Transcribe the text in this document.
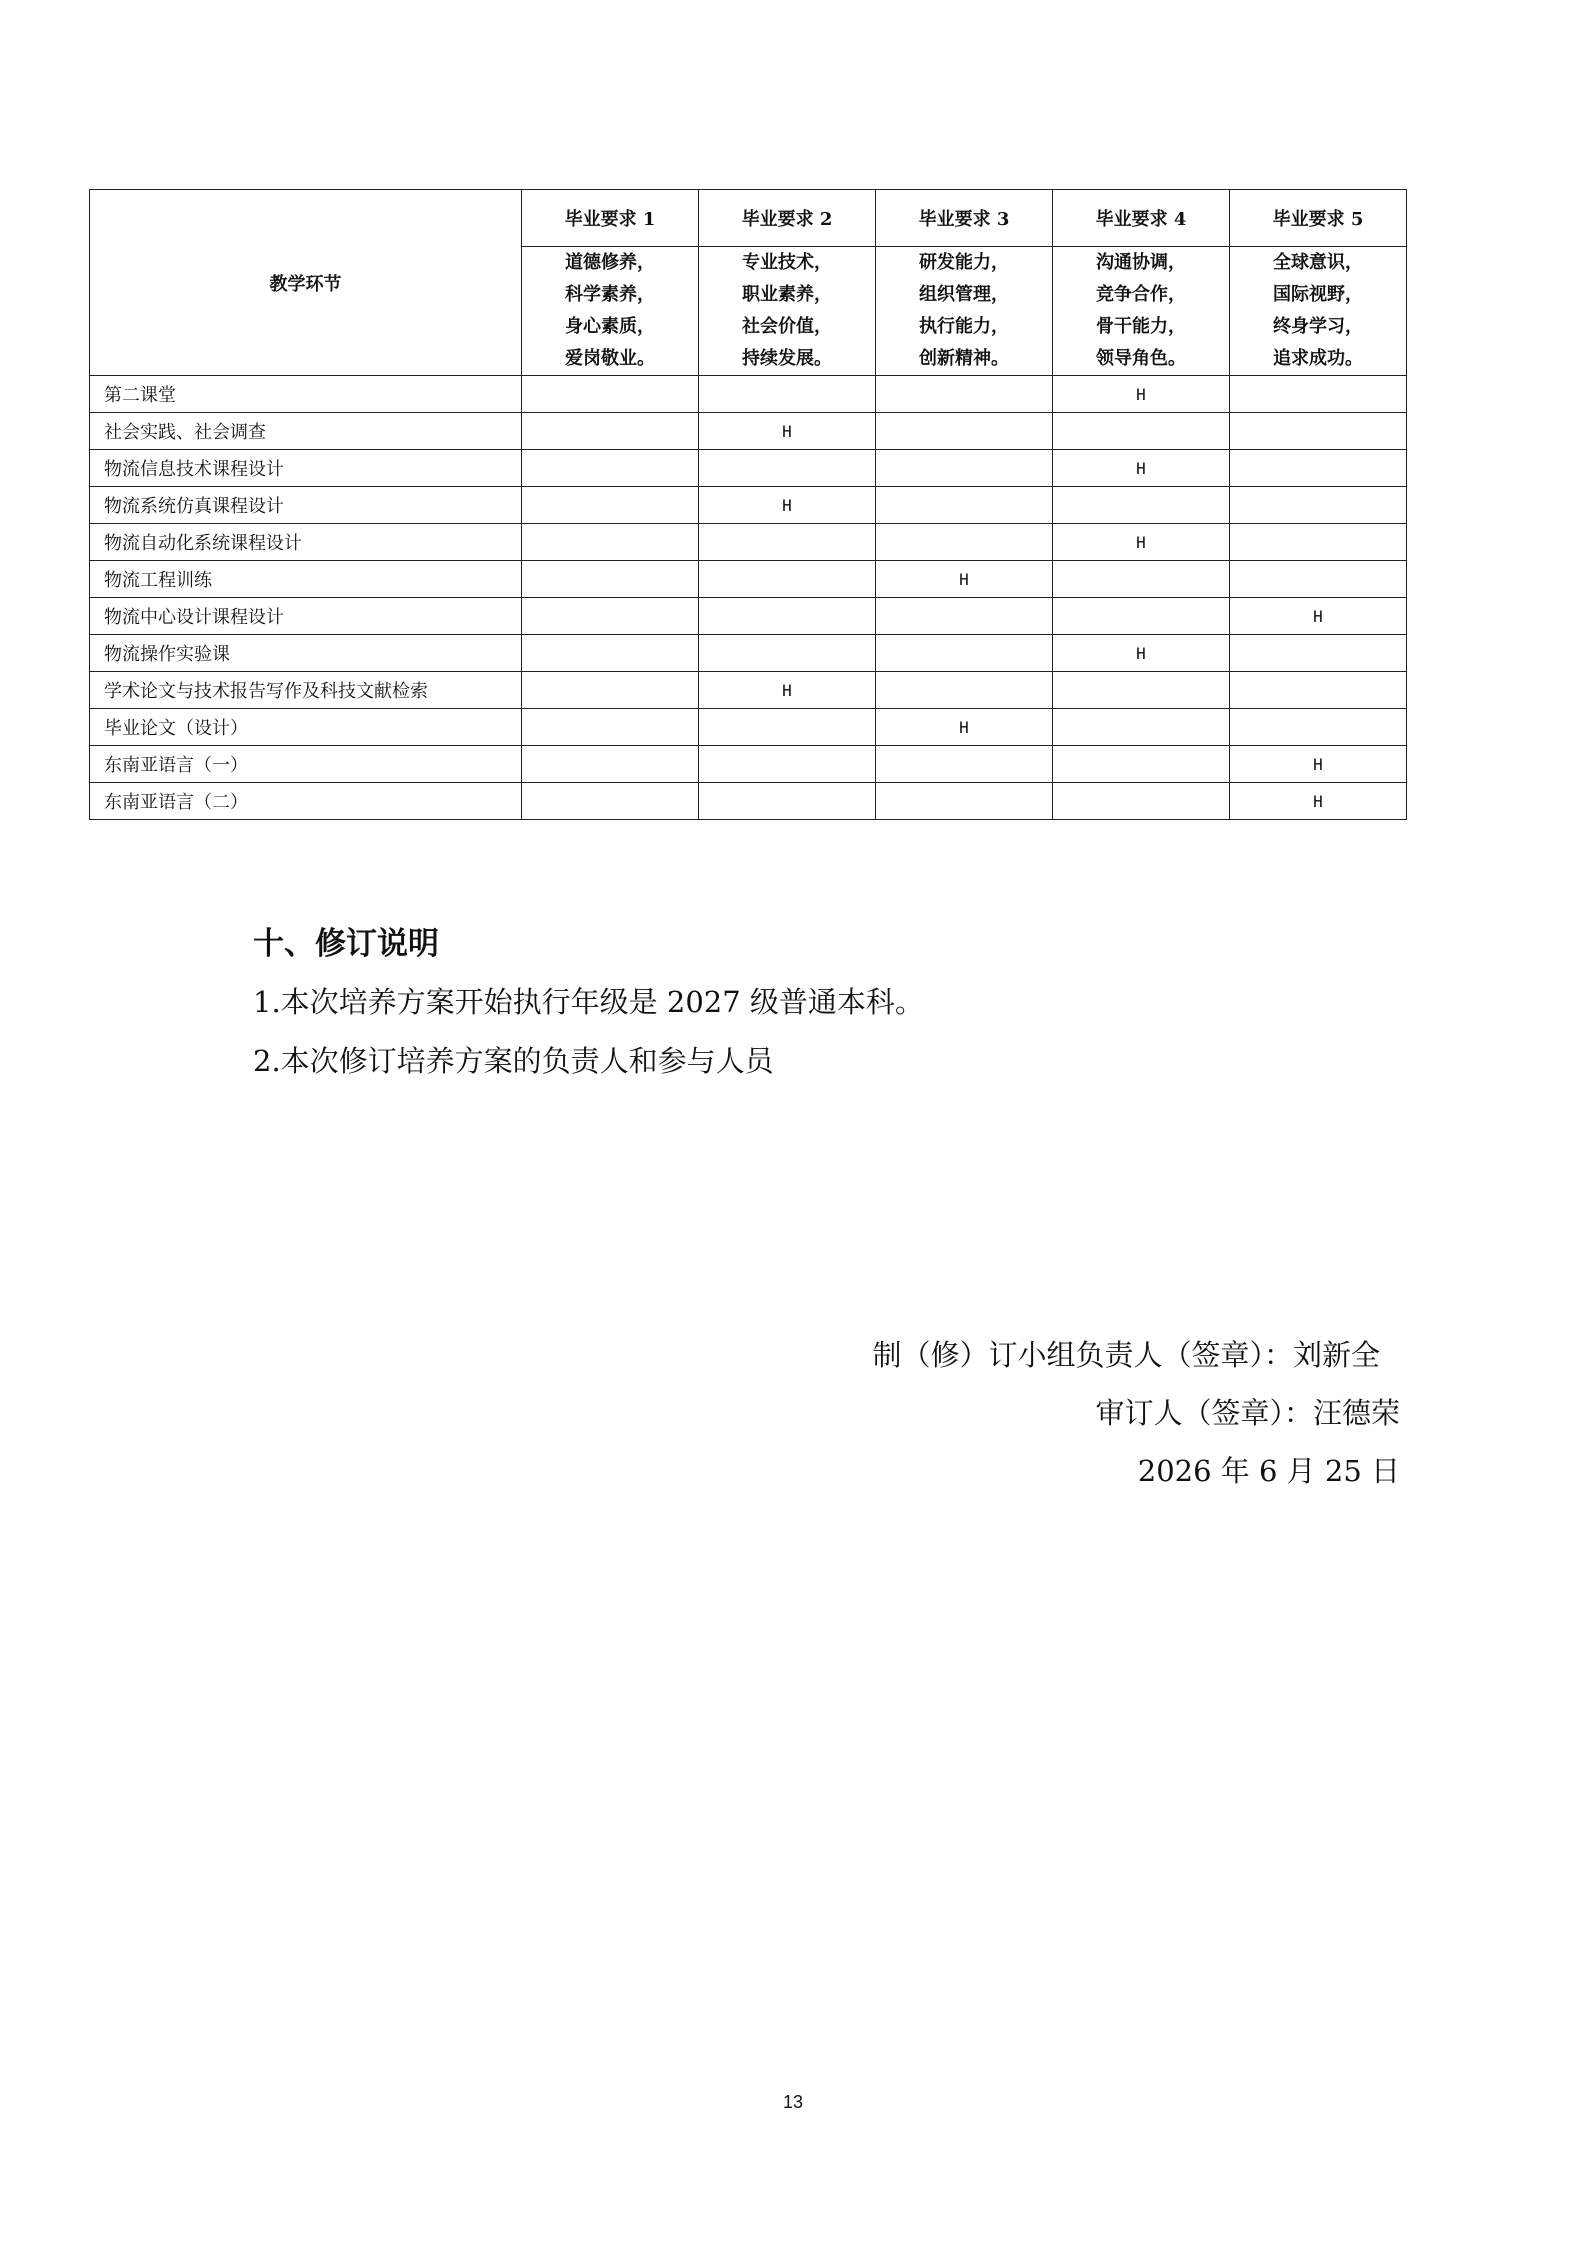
教学环节	毕业要求 1	毕业要求 2	毕业要求 3	毕业要求 4	毕业要求 5

	道德修养，
科学素养，
身心素质，
爱岗敬业。	专业技术，
职业素养，
社会价值，
持续发展。	研发能力，
组织管理，
执行能力，
创新精神。	沟通协调，
竞争合作，
骨干能力，
领导角色。	全球意识，
国际视野，
终身学习，
追求成功。

第二课堂				H	
社会实践、社会调查		H			
物流信息技术课程设计				H	
物流系统仿真课程设计		H			
物流自动化系统课程设计				H	
物流工程训练			H		
物流中心设计课程设计					H
物流操作实验课				H	
学术论文与技术报告写作及科技文献检索		H			
毕业论文（设计）			H		
东南亚语言（一）					H
东南亚语言（二）					H
十、修订说明
1.本次培养方案开始执行年级是 2027 级普通本科。
2.本次修订培养方案的负责人和参与人员
制（修）订小组负责人（签章）：刘新全
审订人（签章）：汪德荣
2026 年 6 月 25 日
13
